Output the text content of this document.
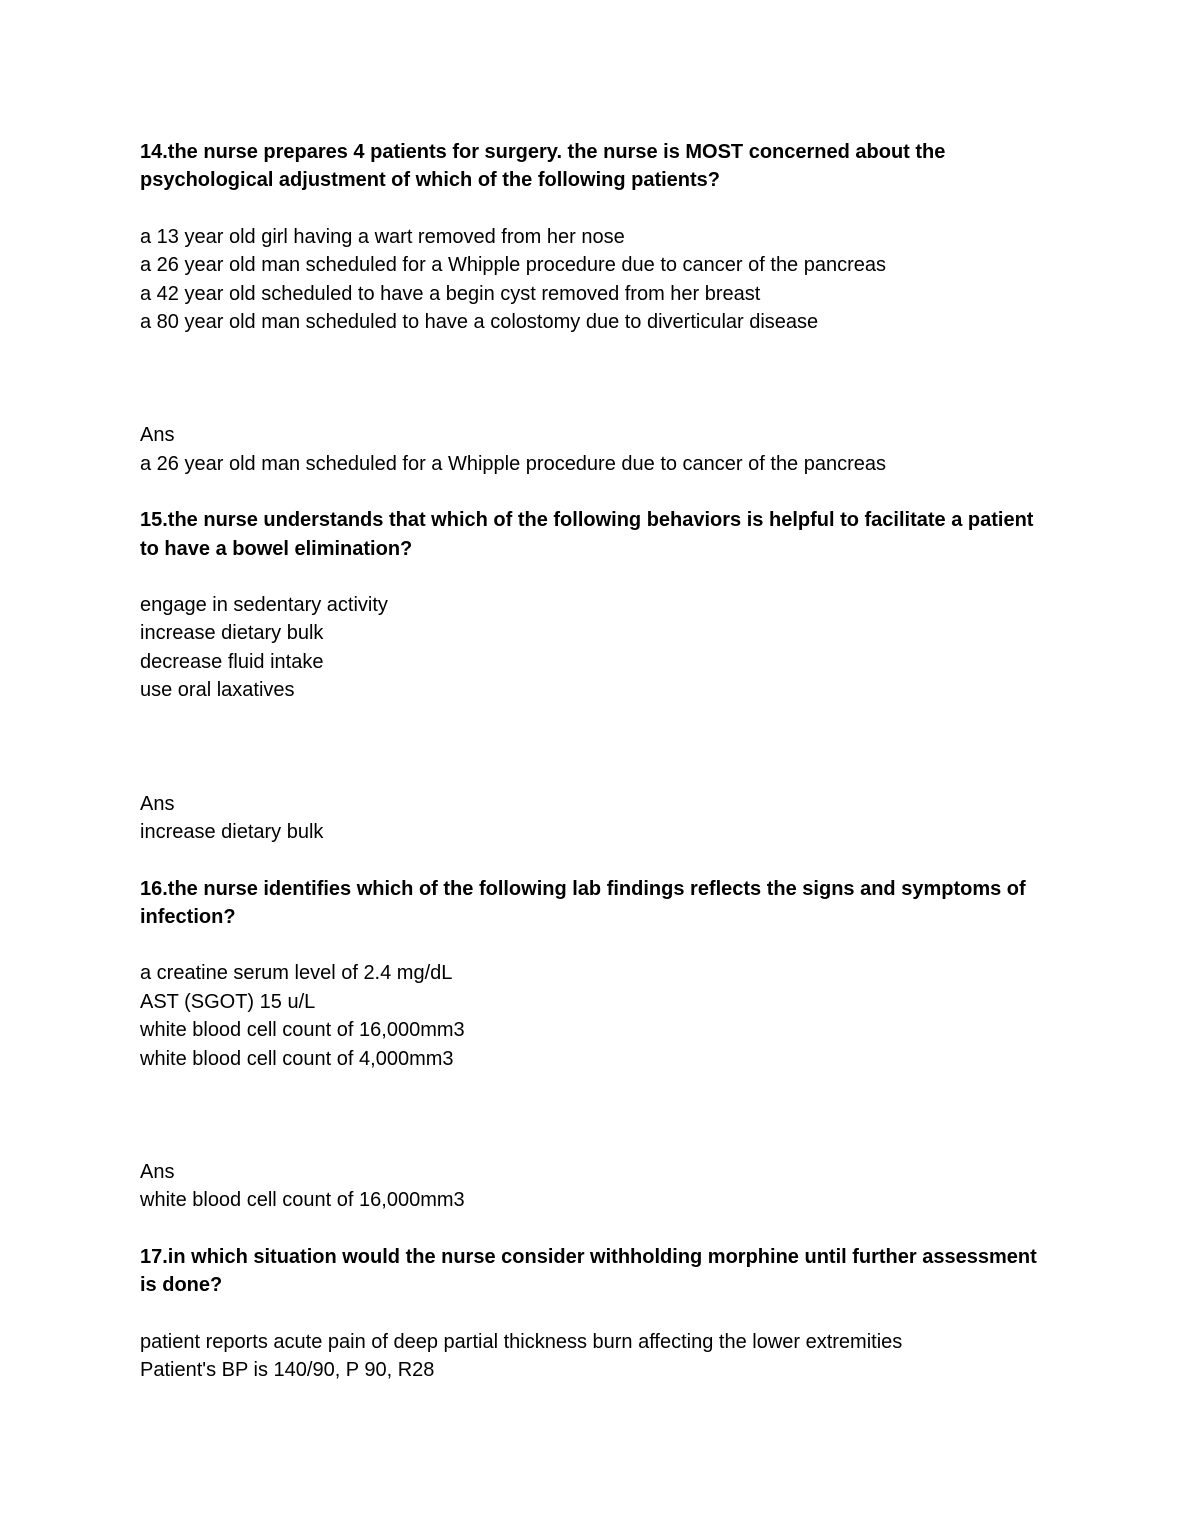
14.the nurse prepares 4 patients for surgery. the nurse is MOST concerned about the psychological adjustment of which of the following patients?

a 13 year old girl having a wart removed from her nose

a 26 year old man scheduled for a Whipple procedure due to cancer of the pancreas

a 42 year old scheduled to have a begin cyst removed from her breast

a 80 year old man scheduled to have a colostomy due to diverticular disease

Ans

a 26 year old man scheduled for a Whipple procedure due to cancer of the pancreas

15.the nurse understands that which of the following behaviors is helpful to facilitate a patient to have a bowel elimination?

engage in sedentary activity

increase dietary bulk

decrease fluid intake

use oral laxatives

Ans

increase dietary bulk

16.the nurse identifies which of the following lab findings reflects the signs and symptoms of infection?

a creatine serum level of 2.4 mg/dL

AST (SGOT) 15 u/L

white blood cell count of 16,000mm3

white blood cell count of 4,000mm3

Ans

white blood cell count of 16,000mm3

17.in which situation would the nurse consider withholding morphine until further assessment is done?

patient reports acute pain of deep partial thickness burn affecting the lower extremities

Patient's BP is 140/90, P 90, R28
